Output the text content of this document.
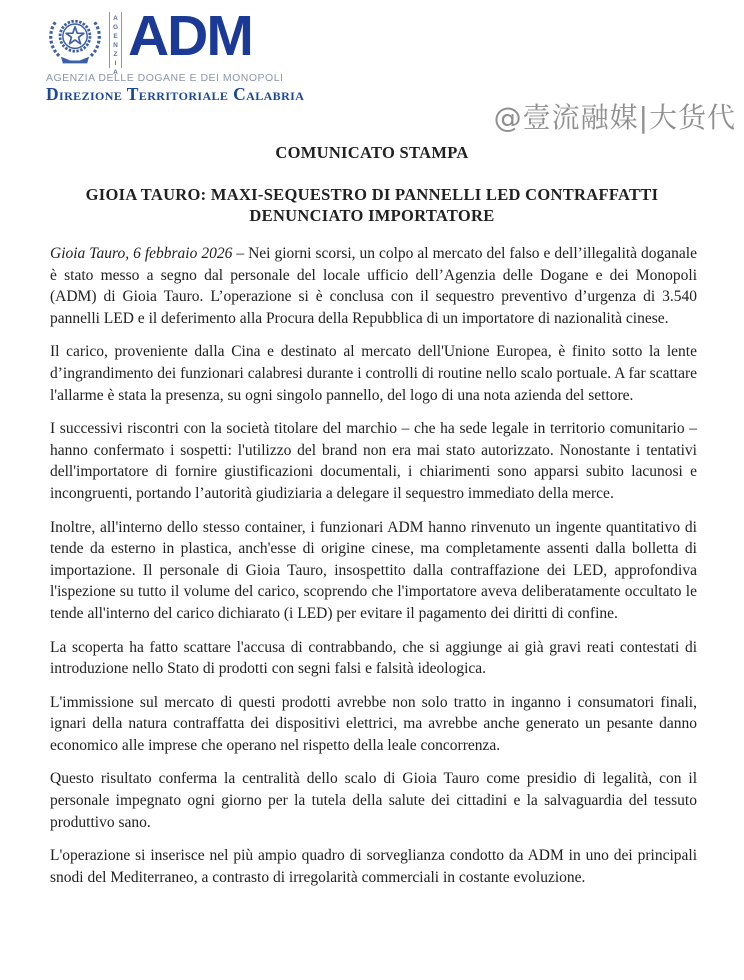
AGENZIA ADM
AGENZIA DELLE DOGANE E DEI MONOPOLI
Direzione Territoriale Calabria
@壹流融媒|大货代

COMUNICATO STAMPA

GIOIA TAURO: MAXI-SEQUESTRO DI PANNELLI LED CONTRAFFATTI
DENUNCIATO IMPORTATORE

Gioia Tauro, 6 febbraio 2026 – Nei giorni scorsi, un colpo al mercato del falso e dell’illegalità doganale è stato messo a segno dal personale del locale ufficio dell’Agenzia delle Dogane e dei Monopoli (ADM) di Gioia Tauro. L’operazione si è conclusa con il sequestro preventivo d’urgenza di 3.540 pannelli LED e il deferimento alla Procura della Repubblica di un importatore di nazionalità cinese.

Il carico, proveniente dalla Cina e destinato al mercato dell'Unione Europea, è finito sotto la lente d’ingrandimento dei funzionari calabresi durante i controlli di routine nello scalo portuale. A far scattare l'allarme è stata la presenza, su ogni singolo pannello, del logo di una nota azienda del settore.

I successivi riscontri con la società titolare del marchio – che ha sede legale in territorio comunitario – hanno confermato i sospetti: l'utilizzo del brand non era mai stato autorizzato. Nonostante i tentativi dell'importatore di fornire giustificazioni documentali, i chiarimenti sono apparsi subito lacunosi e incongruenti, portando l’autorità giudiziaria a delegare il sequestro immediato della merce.

Inoltre, all'interno dello stesso container, i funzionari ADM hanno rinvenuto un ingente quantitativo di tende da esterno in plastica, anch'esse di origine cinese, ma completamente assenti dalla bolletta di importazione. Il personale di Gioia Tauro, insospettito dalla contraffazione dei LED, approfondiva l'ispezione su tutto il volume del carico, scoprendo che l'importatore aveva deliberatamente occultato le tende all'interno del carico dichiarato (i LED) per evitare il pagamento dei diritti di confine.

La scoperta ha fatto scattare l'accusa di contrabbando, che si aggiunge ai già gravi reati contestati di introduzione nello Stato di prodotti con segni falsi e falsità ideologica.

L'immissione sul mercato di questi prodotti avrebbe non solo tratto in inganno i consumatori finali, ignari della natura contraffatta dei dispositivi elettrici, ma avrebbe anche generato un pesante danno economico alle imprese che operano nel rispetto della leale concorrenza.

Questo risultato conferma la centralità dello scalo di Gioia Tauro come presidio di legalità, con il personale impegnato ogni giorno per la tutela della salute dei cittadini e la salvaguardia del tessuto produttivo sano.

L'operazione si inserisce nel più ampio quadro di sorveglianza condotto da ADM in uno dei principali snodi del Mediterraneo, a contrasto di irregolarità commerciali in costante evoluzione.
